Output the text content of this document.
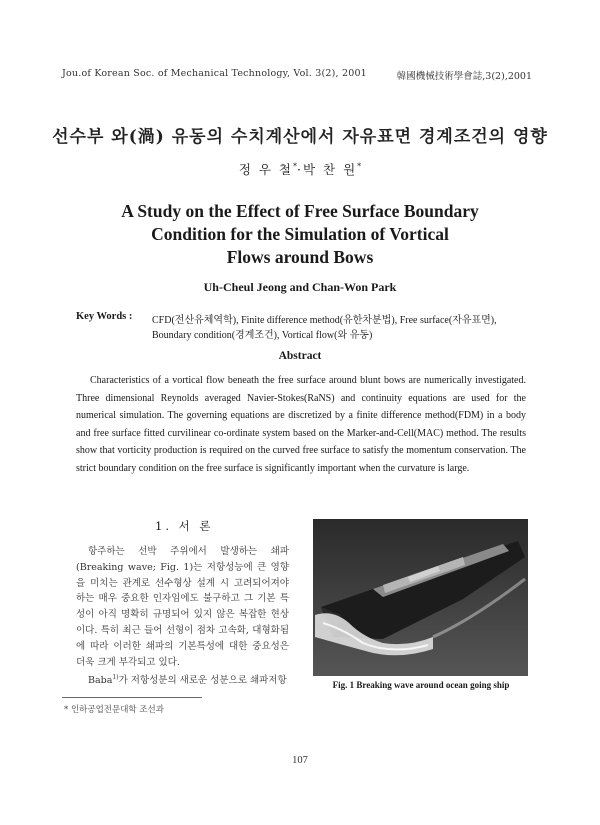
Jou.of Korean Soc. of Mechanical Technology, Vol. 3(2), 2001	韓國機械技術學會誌,3(2),2001
선수부 와(渦) 유동의 수치계산에서 자유표면 경계조건의 영향
정 우 철*·박 찬 원*
A Study on the Effect of Free Surface Boundary
Condition for the Simulation of Vortical
Flows around Bows
Uh-Cheul Jeong and Chan-Won Park
Key Words : CFD(전산유체역학), Finite difference method(유한차분법), Free surface(자유표면),
Boundary condition(경계조건), Vortical flow(와 유동)
Abstract

Characteristics of a vortical flow beneath the free surface around blunt bows are numerically investigated. Three dimensional Reynolds averaged Navier-Stokes(RaNS) and continuity equations are used for the numerical simulation. The governing equations are discretized by a finite difference method(FDM) in a body and free surface fitted curvilinear co-ordinate system based on the Marker-and-Cell(MAC) method. The results show that vorticity production is required on the curved free surface to satisfy the momentum conservation. The strict boundary condition on the free surface is significantly important when the curvature is large.

1. 서 론

항주하는 선박 주위에서 발생하는 쇄파(Breaking wave; Fig. 1)는 저항성능에 큰 영향을 미치는 관계로 선수형상 설계 시 고려되어져야 하는 매우 중요한 인자임에도 불구하고 그 기본 특성이 아직 명확히 규명되어 있지 않은 복잡한 현상이다. 특히 최근 들어 선형이 점차 고속화, 대형화됨에 따라 이러한 쇄파의 기본특성에 대한 중요성은 더욱 크게 부각되고 있다.

Baba$^{1)}$가 저항성분의 새로운 성분으로 쇄파저항	Fig. 1 Breaking wave around ocean going ship
* 인하공업전문대학 조선과
107
